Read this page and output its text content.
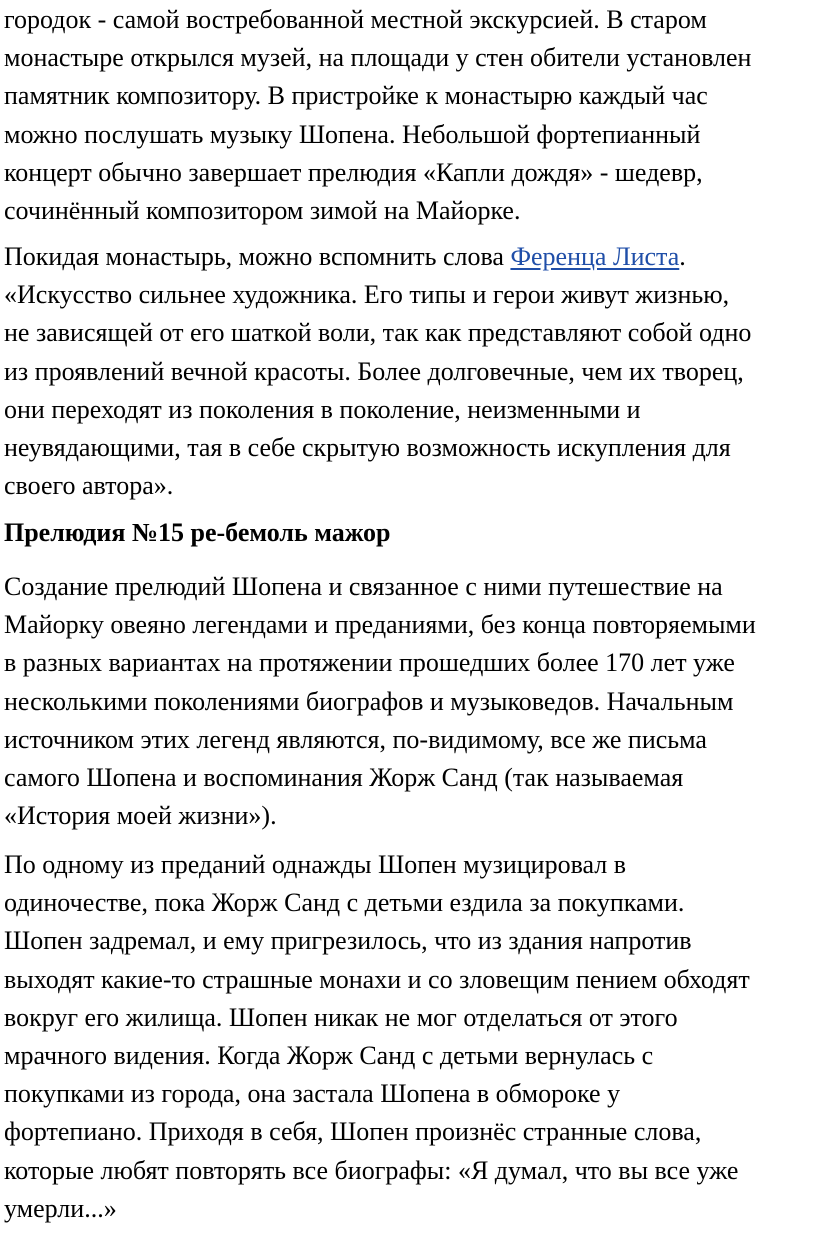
городок - самой востребованной местной экскурсией. В старом
монастыре открылся музей, на площади у стен обители установлен
памятник композитору. В пристройке к монастырю каждый час
можно послушать музыку Шопена. Небольшой фортепианный
концерт обычно завершает прелюдия «Капли дождя» - шедевр,
сочинённый композитором зимой на Майорке.
Покидая монастырь, можно вспомнить слова Ференца Листа.
«Искусство сильнее художника. Его типы и герои живут жизнью,
не зависящей от его шаткой воли, так как представляют собой одно
из проявлений вечной красоты. Более долговечные, чем их творец,
они переходят из поколения в поколение, неизменными и
неувядающими, тая в себе скрытую возможность искупления для
своего автора».
Прелюдия №15 ре-бемоль мажор
Создание прелюдий Шопена и связанное с ними путешествие на
Майорку овеяно легендами и преданиями, без конца повторяемыми
в разных вариантах на протяжении прошедших более 170 лет уже
несколькими поколениями биографов и музыковедов. Начальным
источником этих легенд являются, по-видимому, все же письма
самого Шопена и воспоминания Жорж Санд (так называемая
«История моей жизни»).
По одному из преданий однажды Шопен музицировал в
одиночестве, пока Жорж Санд с детьми ездила за покупками.
Шопен задремал, и ему пригрезилось, что из здания напротив
выходят какие-то страшные монахи и со зловещим пением обходят
вокруг его жилища. Шопен никак не мог отделаться от этого
мрачного видения. Когда Жорж Санд с детьми вернулась с
покупками из города, она застала Шопена в обмороке у
фортепиано. Приходя в себя, Шопен произнёс странные слова,
которые любят повторять все биографы: «Я думал, что вы все уже
умерли...»
